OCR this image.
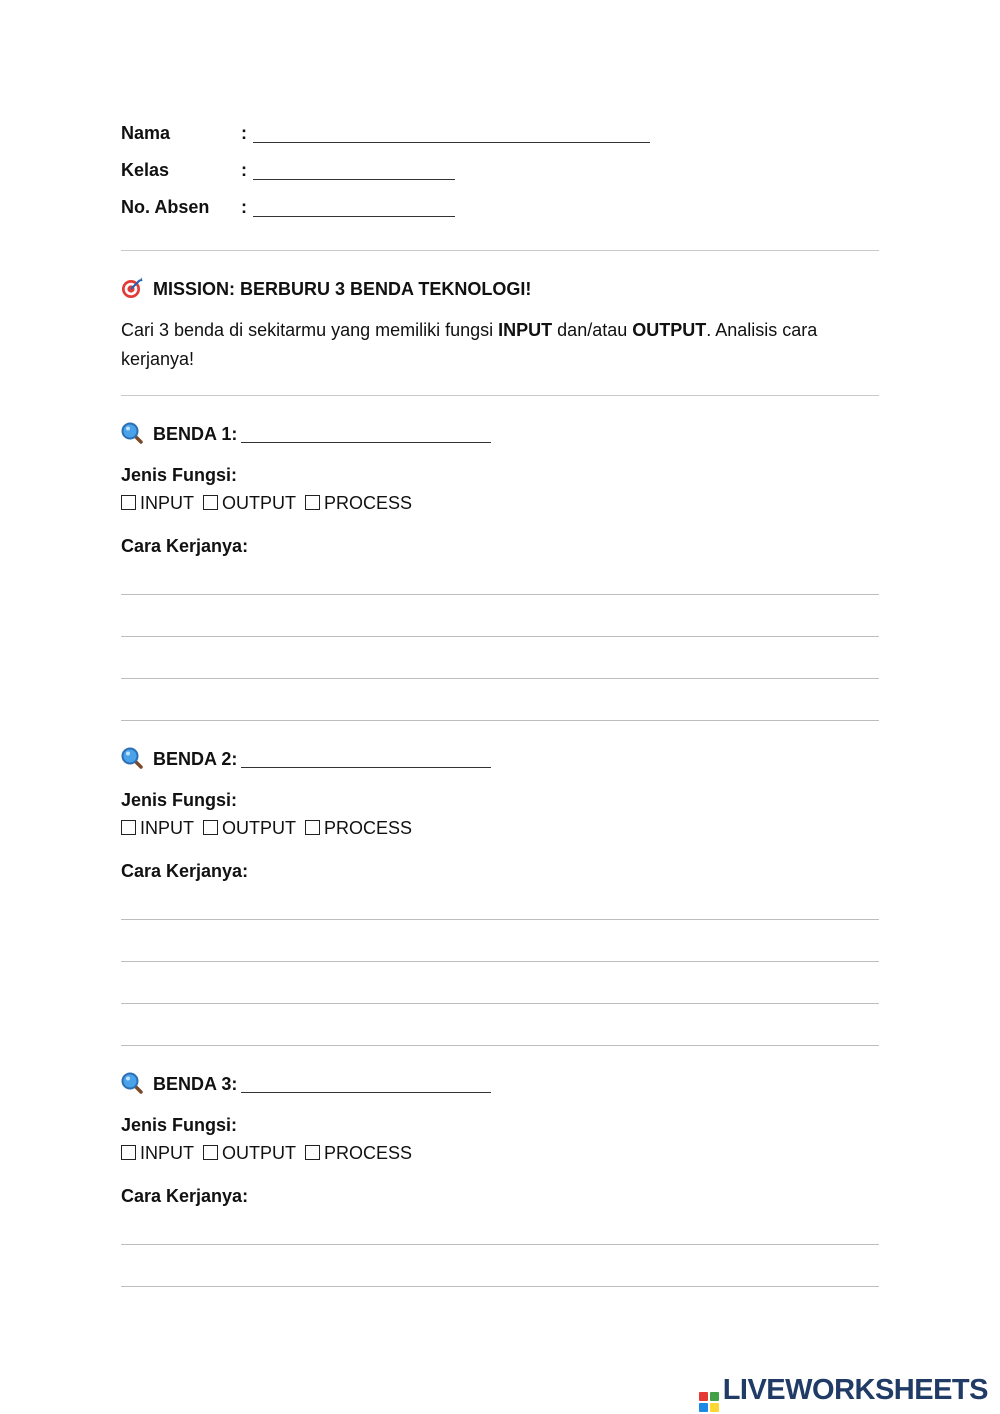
Nama	:
Kelas	:
No. Absen :
MISSION: BERBURU 3 BENDA TEKNOLOGI!
Cari 3 benda di sekitarmu yang memiliki fungsi INPUT dan/atau OUTPUT. Analisis cara kerjanya!
BENDA 1:
Jenis Fungsi:
INPUT OUTPUT PROCESS
Cara Kerjanya:
BENDA 2:
Jenis Fungsi:
INPUT OUTPUT PROCESS
Cara Kerjanya:
BENDA 3:
Jenis Fungsi:
INPUT OUTPUT PROCESS
Cara Kerjanya:
LIVEWORKSHEETS
